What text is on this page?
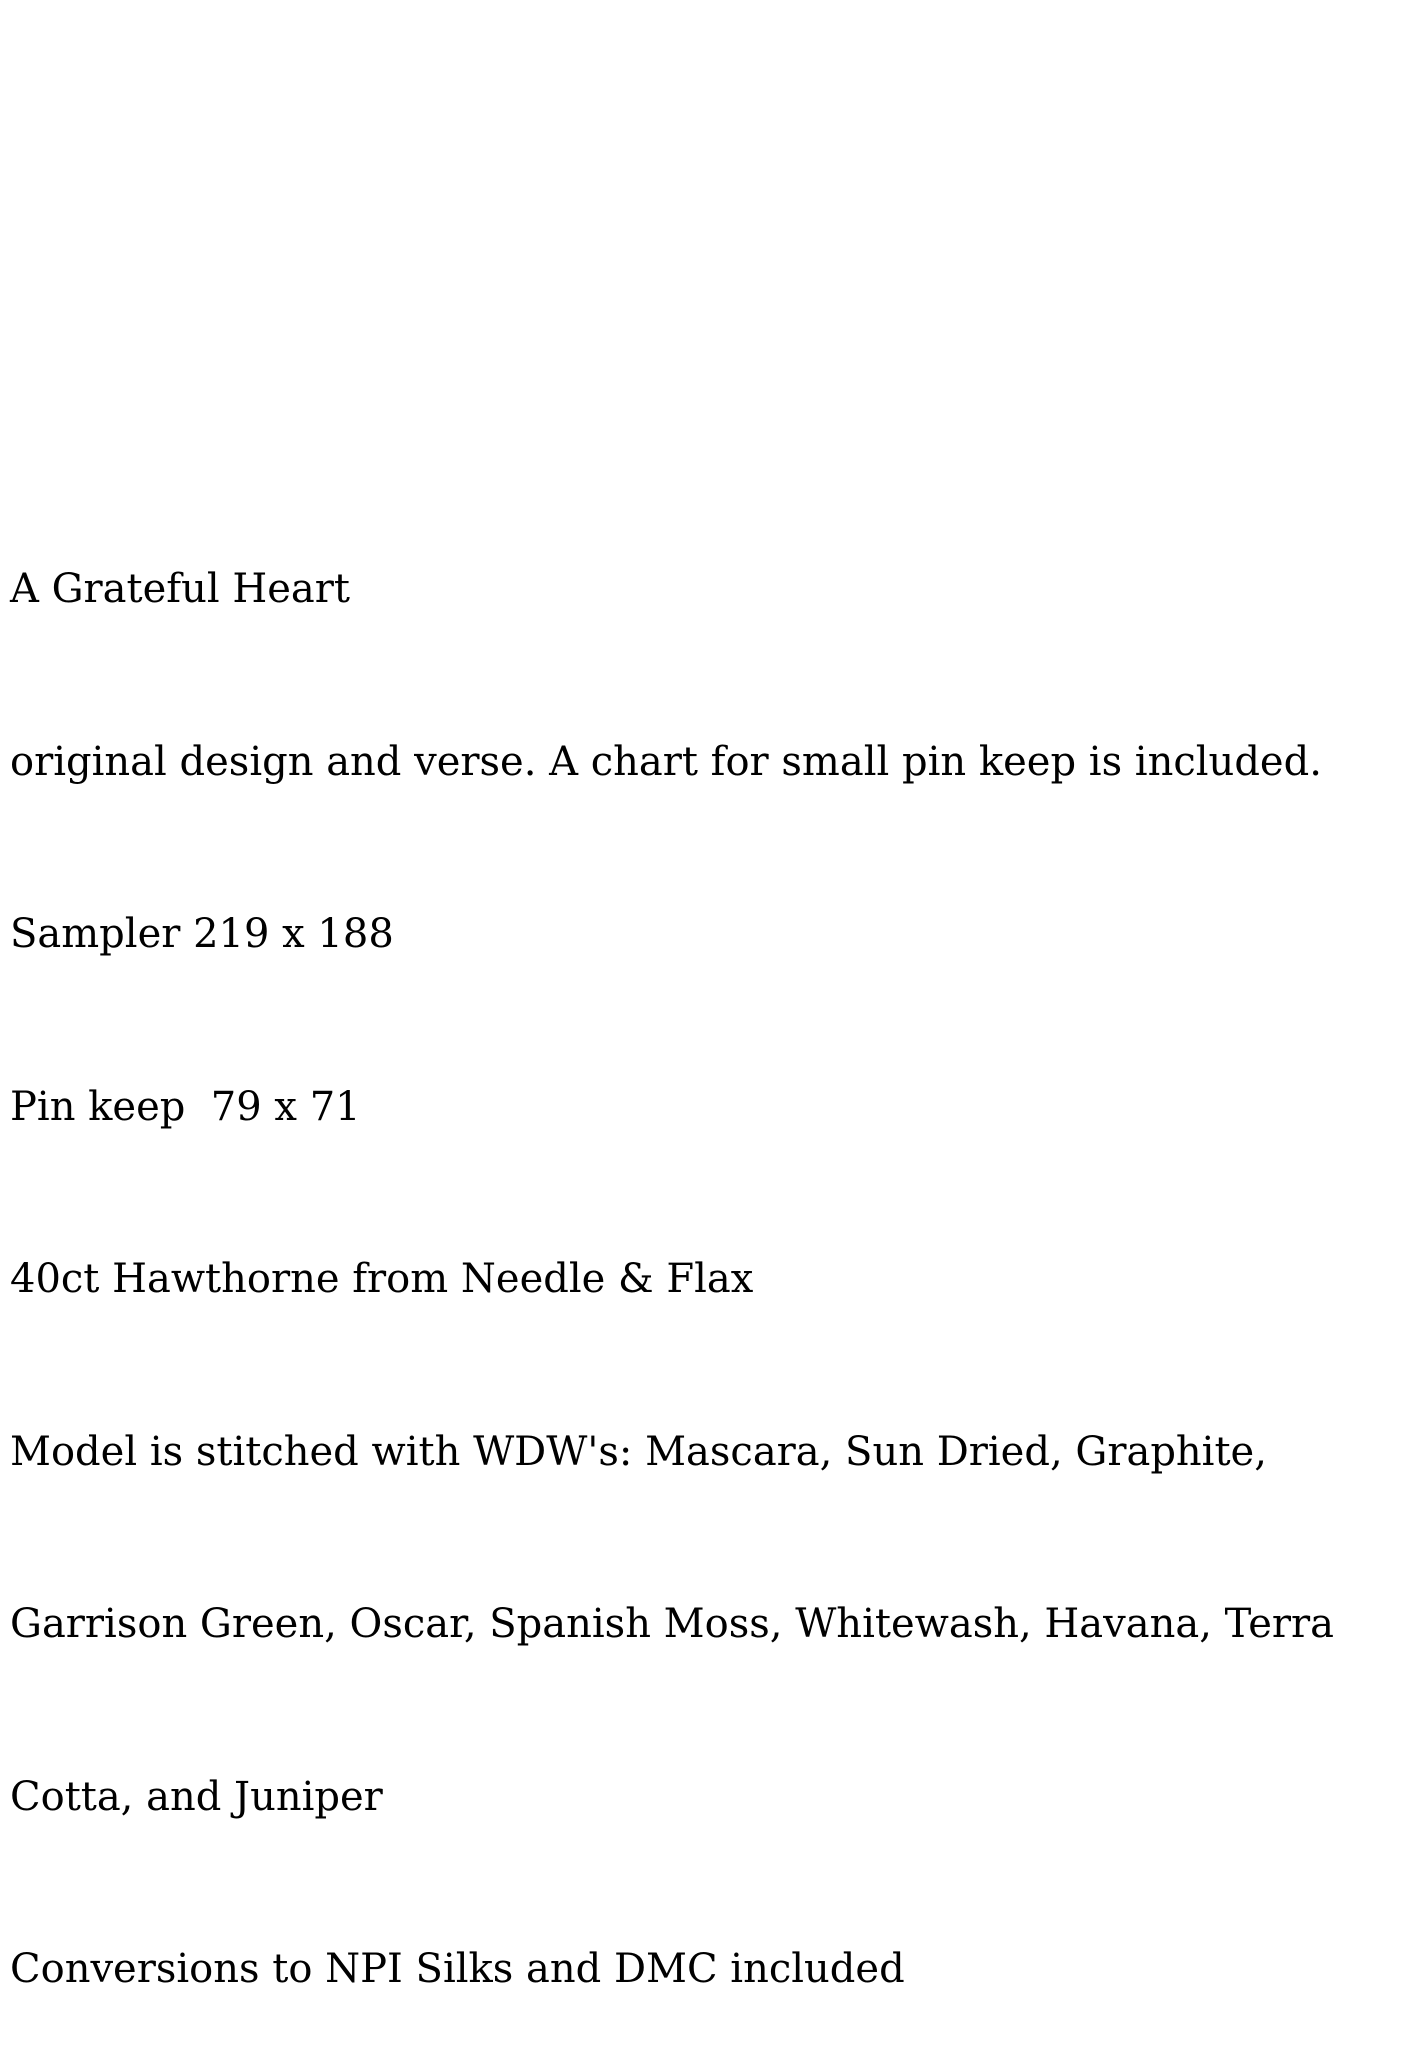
A Grateful Heart

original design and verse. A chart for small pin keep is included.

Sampler 219 x 188

Pin keep  79 x 71

40ct Hawthorne from Needle & Flax

Model is stitched with WDW's: Mascara, Sun Dried, Graphite,

Garrison Green, Oscar, Spanish Moss, Whitewash, Havana, Terra

Cotta, and Juniper

Conversions to NPI Silks and DMC included
